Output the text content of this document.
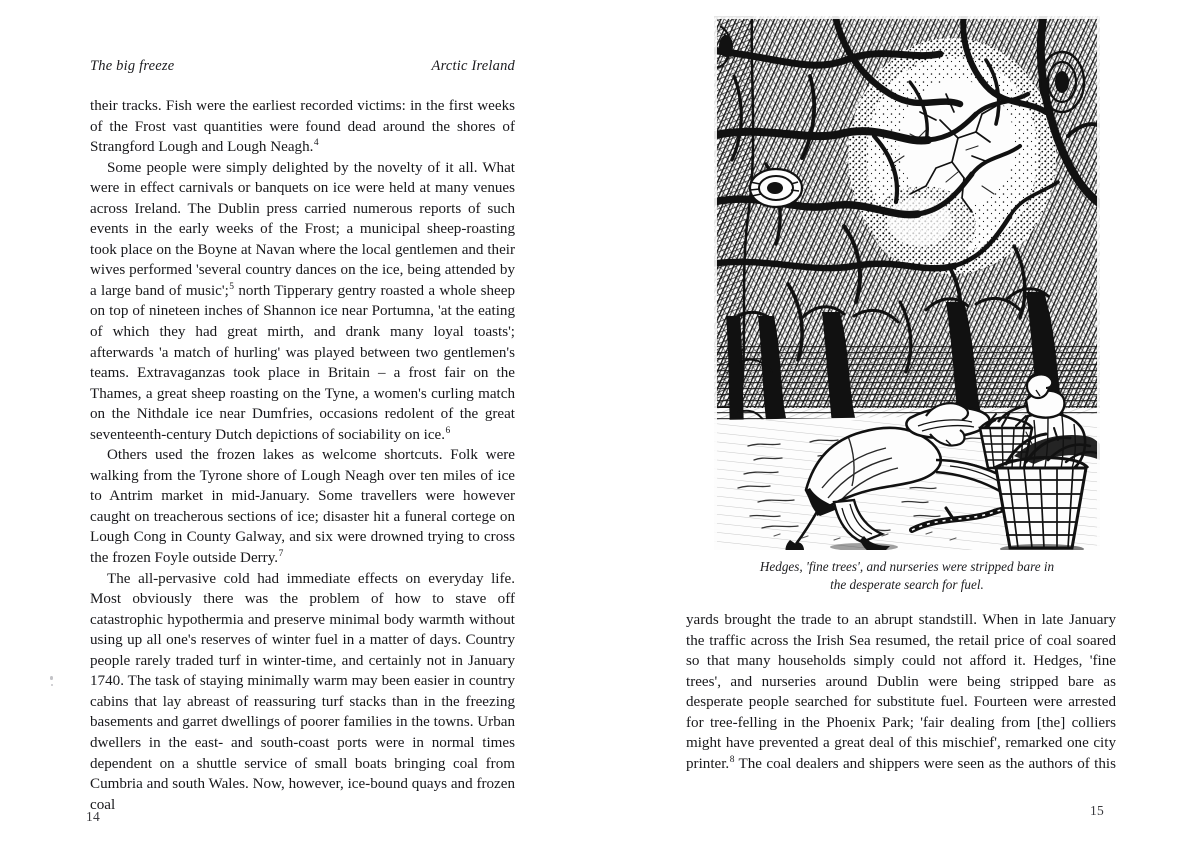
The big freeze	Arctic Ireland

their tracks. Fish were the earliest recorded victims: in the first weeks of the Frost vast quantities were found dead around the shores of Strangford Lough and Lough Neagh.$^4$

Some people were simply delighted by the novelty of it all. What were in effect carnivals or banquets on ice were held at many venues across Ireland. The Dublin press carried numerous reports of such events in the early weeks of the Frost; a municipal sheep-roasting took place on the Boyne at Navan where the local gentlemen and their wives performed 'several country dances on the ice, being attended by a large band of music';$^5$ north Tipperary gentry roasted a whole sheep on top of nineteen inches of Shannon ice near Portumna, 'at the eating of which they had great mirth, and drank many loyal toasts'; afterwards 'a match of hurling' was played between two gentlemen's teams. Extravaganzas took place in Britain – a frost fair on the Thames, a great sheep roasting on the Tyne, a women's curling match on the Nithdale ice near Dumfries, occasions redolent of the great seventeenth-century Dutch depictions of sociability on ice.$^6$

Others used the frozen lakes as welcome shortcuts. Folk were walking from the Tyrone shore of Lough Neagh over ten miles of ice to Antrim market in mid-January. Some travellers were however caught on treacherous sections of ice; disaster hit a funeral cortege on Lough Cong in County Galway, and six were drowned trying to cross the frozen Foyle outside Derry.$^7$

The all-pervasive cold had immediate effects on everyday life. Most obviously there was the problem of how to stave off catastrophic hypothermia and preserve minimal body warmth without using up all one's reserves of winter fuel in a matter of days. Country people rarely traded turf in winter-time, and certainly not in January 1740. The task of staying minimally warm may been easier in country cabins that lay abreast of reassuring turf stacks than in the freezing basements and garret dwellings of poorer families in the towns. Urban dwellers in the east- and south-coast ports were in normal times dependent on a shuttle service of small boats bringing coal from Cumbria and south Wales. Now, however, ice-bound quays and frozen coal

14
Hedges, 'fine trees', and nurseries were stripped bare in
the desperate search for fuel.

yards brought the trade to an abrupt standstill. When in late January the traffic across the Irish Sea resumed, the retail price of coal soared so that many households simply could not afford it. Hedges, 'fine trees', and nurseries around Dublin were being stripped bare as desperate people searched for substitute fuel. Fourteen were arrested for tree-felling in the Phoenix Park; 'fair dealing from [the] colliers might have prevented a great deal of this mischief', remarked one city printer.$^8$ The coal dealers and shippers were seen as the authors of this

15
